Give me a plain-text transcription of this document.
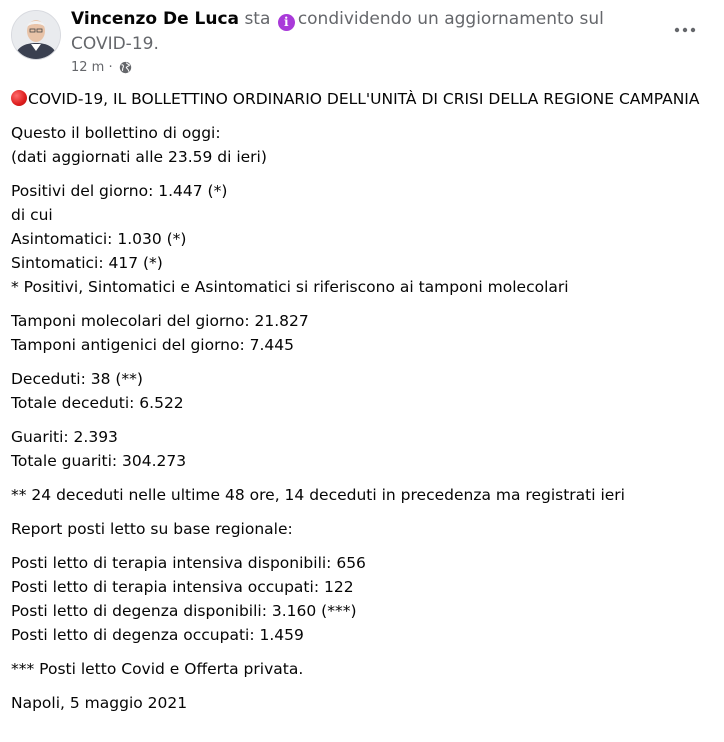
Vincenzo De Luca sta i condividendo un aggiornamento sul COVID-19.
12 m ·
COVID-19, IL BOLLETTINO ORDINARIO DELL'UNITÀ DI CRISI DELLA REGIONE CAMPANIA
Questo il bollettino di oggi:
(dati aggiornati alle 23.59 di ieri)
Positivi del giorno: 1.447 (*)
di cui
Asintomatici: 1.030 (*)
Sintomatici: 417 (*)
* Positivi, Sintomatici e Asintomatici si riferiscono ai tamponi molecolari
Tamponi molecolari del giorno: 21.827
Tamponi antigenici del giorno: 7.445
Deceduti: 38 (**)
Totale deceduti: 6.522
Guariti: 2.393
Totale guariti: 304.273
** 24 deceduti nelle ultime 48 ore, 14 deceduti in precedenza ma registrati ieri
Report posti letto su base regionale:
Posti letto di terapia intensiva disponibili: 656
Posti letto di terapia intensiva occupati: 122
Posti letto di degenza disponibili: 3.160 (***)
Posti letto di degenza occupati: 1.459
*** Posti letto Covid e Offerta privata.
Napoli, 5 maggio 2021
